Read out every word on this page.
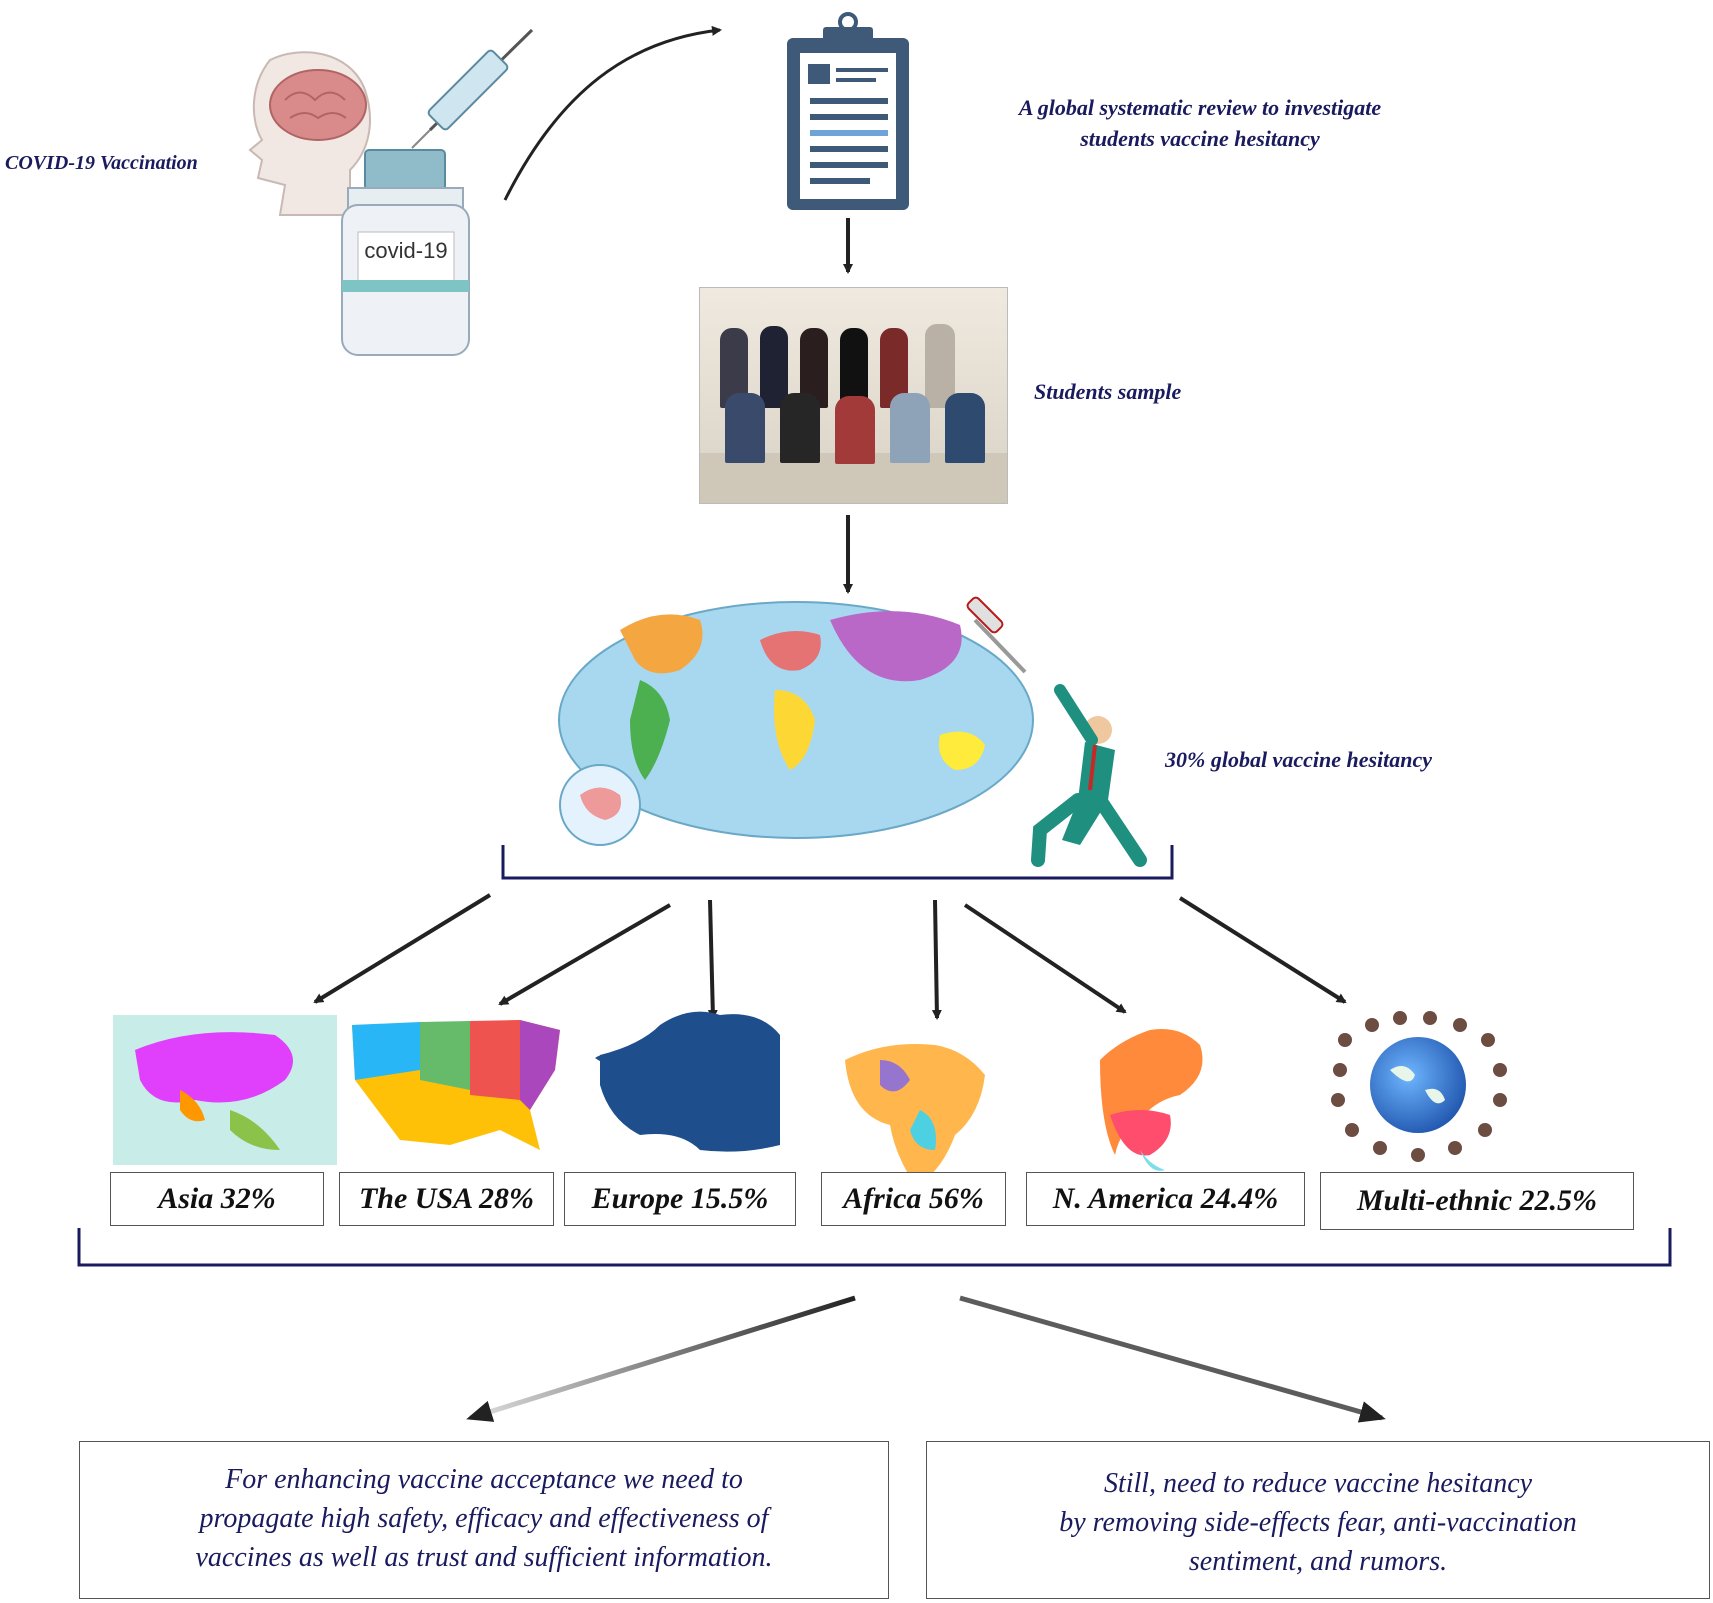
COVID-19 Vaccination
covid-19
A global systematic review to investigate
students vaccine hesitancy
Students sample
30% global vaccine hesitancy
Asia 32%	The USA 28%	Europe 15.5%	Africa 56%	N. America 24.4%	Multi-ethnic 22.5%
For enhancing vaccine acceptance we need to
propagate high safety, efficacy and effectiveness of
vaccines as well as trust and sufficient information.
Still, need to reduce vaccine hesitancy
by removing side-effects fear, anti-vaccination
sentiment, and rumors.
